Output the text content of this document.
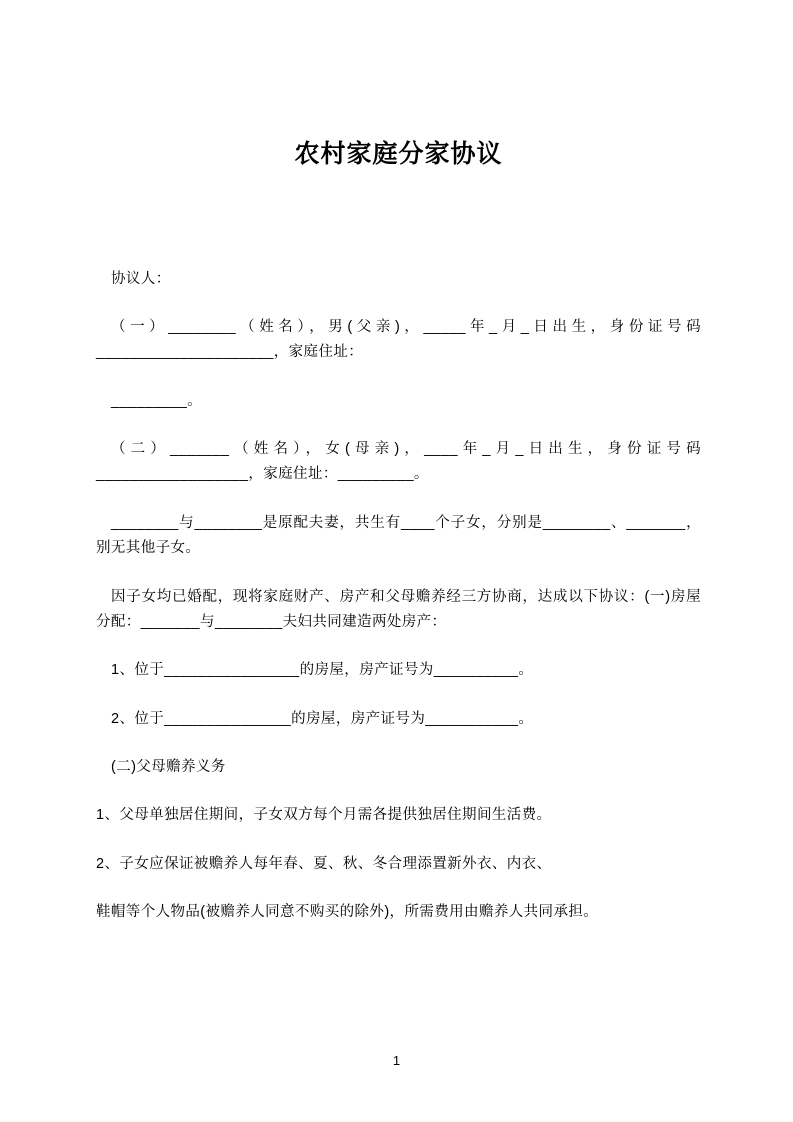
农村家庭分家协议

协议人：

（一）________（姓名），男(父亲)，_____年_月_日出生，身份证号码_____________________，家庭住址：

_________。

（二）_______（姓名），女(母亲)，____年_月_日出生，身份证号码__________________，家庭住址：_________。

________与________是原配夫妻，共生有____个子女，分别是________、_______，别无其他子女。

因子女均已婚配，现将家庭财产、房产和父母赡养经三方协商，达成以下协议：(一)房屋分配：_______与________夫妇共同建造两处房产：

1、位于________________的房屋，房产证号为__________。

2、位于_______________的房屋，房产证号为___________。

(二)父母赡养义务

1、父母单独居住期间，子女双方每个月需各提供独居住期间生活费。

2、子女应保证被赡养人每年春、夏、秋、冬合理添置新外衣、内衣、

鞋帽等个人物品(被赡养人同意不购买的除外)，所需费用由赡养人共同承担。

1
